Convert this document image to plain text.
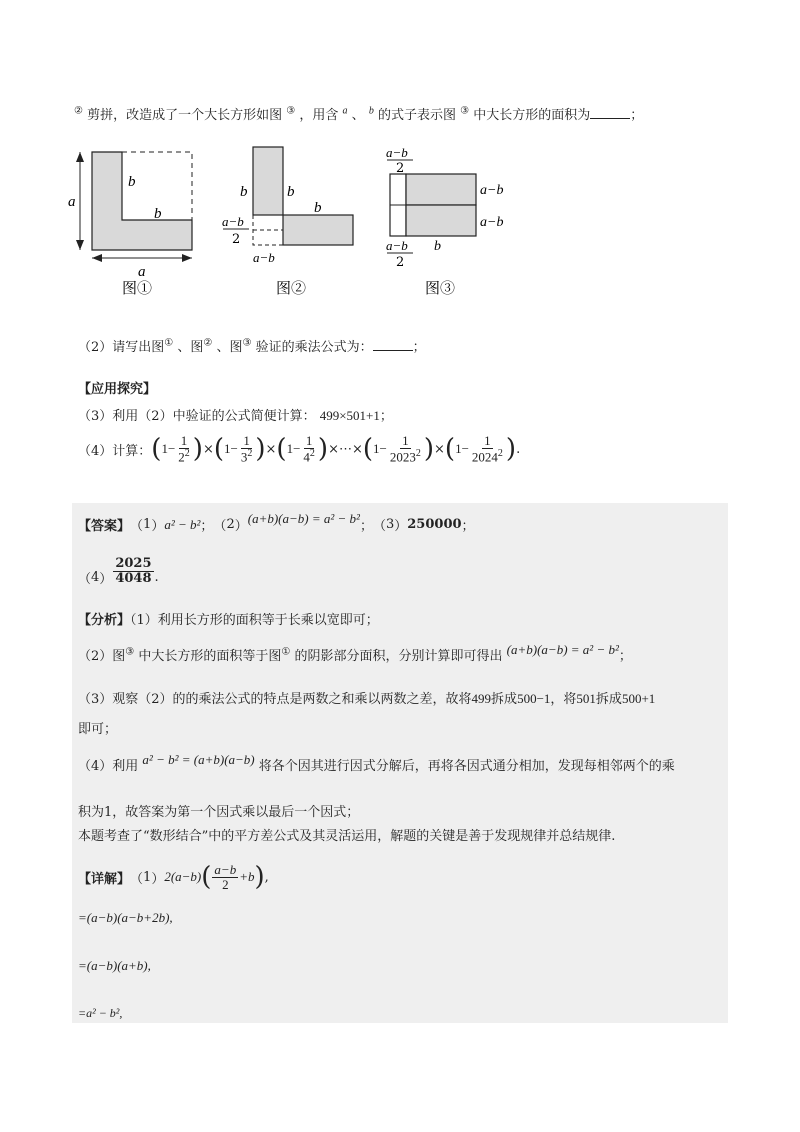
② 剪拼，改造成了一个大长方形如图 ③ ，用含 $^a$ 、 $^b$ 的式子表示图 ③ 中大长方形的面积为	；
a
a
b
b
图①
b	b
b
a−b
2
a−b
图②
a−b
2
a−b
a−b
a−b
2
b
图③
（2）请写出图① 、图② 、图③ 验证的乘法公式为：	；
【应用探究】
（3）利用（2）中验证的公式简便计算： 499×501+1；
（4）计算： ( $1- \frac{1}{2^2}$ ) × ( $1- \frac{1}{3^2}$ ) × ( $1- \frac{1}{4^2}$ ) ×⋯× ( $1- \frac{1}{2023^2}$ ) × ( $1- \frac{1}{2024^2}$ ) .
【答案】 （ 1 ） a² − b² ； （ 2 ）
(a+b)(a−b) = a² − b²
； （ 3 ） 250000 ；
（ 4 ） $\frac{2025}{4048}$ .
【分析】（1）利用长方形的面积等于长乘以宽即可；
（2）图③ 中大长方形的面积等于图① 的阴影部分面积，分别计算即可得出 (a+b)(a−b) = a² − b²；
（3）观察（2）的的乘法公式的特点是两数之和乘以两数之差，故将499拆成500−1，将501拆成500+1
即可；
（4）利用 a² − b² = (a+b)(a−b) 将各个因其进行因式分解后，再将各因式通分相加，发现每相邻两个的乘
积为1，故答案为第一个因式乘以最后一个因式；
本题考查了“数形结合”中的平方差公式及其灵活运用，解题的关键是善于发现规律并总结规律.
【详解】 （ 1 ） 2(a−b) ( $\frac{a-b}{2} +b$ ) ,
=(a−b)(a−b+2b),
=(a−b)(a+b),
=a² − b²,
